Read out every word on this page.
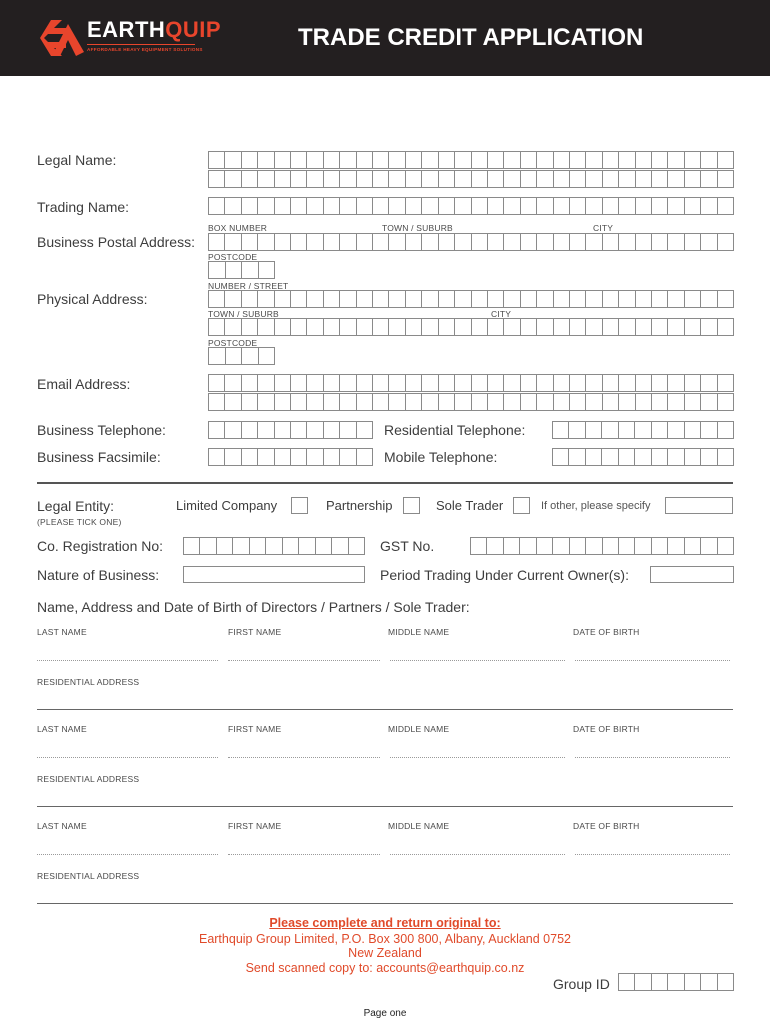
EARTHQUIP
AFFORDABLE HEAVY EQUIPMENT SOLUTIONS	TRADE CREDIT APPLICATION
Legal Name:
Trading Name:
BOX NUMBER	TOWN / SUBURB	CITY
Business Postal Address:
POSTCODE
NUMBER / STREET
Physical Address:
TOWN / SUBURB	CITY
POSTCODE
Email Address:
Business Telephone:	Residential Telephone:
Business Facsimile:	Mobile Telephone:
Legal Entity:
(PLEASE TICK ONE)
Limited Company	Partnership	Sole Trader	If other, please specify
Co. Registration No:	GST No.
Nature of Business:	Period Trading Under Current Owner(s):
Name, Address and Date of Birth of Directors / Partners / Sole Trader:
LAST NAME	FIRST NAME	MIDDLE NAME	DATE OF BIRTH
RESIDENTIAL ADDRESS
LAST NAME	FIRST NAME	MIDDLE NAME	DATE OF BIRTH
RESIDENTIAL ADDRESS
LAST NAME	FIRST NAME	MIDDLE NAME	DATE OF BIRTH
RESIDENTIAL ADDRESS
Please complete and return original to:
Earthquip Group Limited, P.O. Box 300 800, Albany, Auckland 0752
New Zealand
Send scanned copy to: accounts@earthquip.co.nz
Group ID
Page one
